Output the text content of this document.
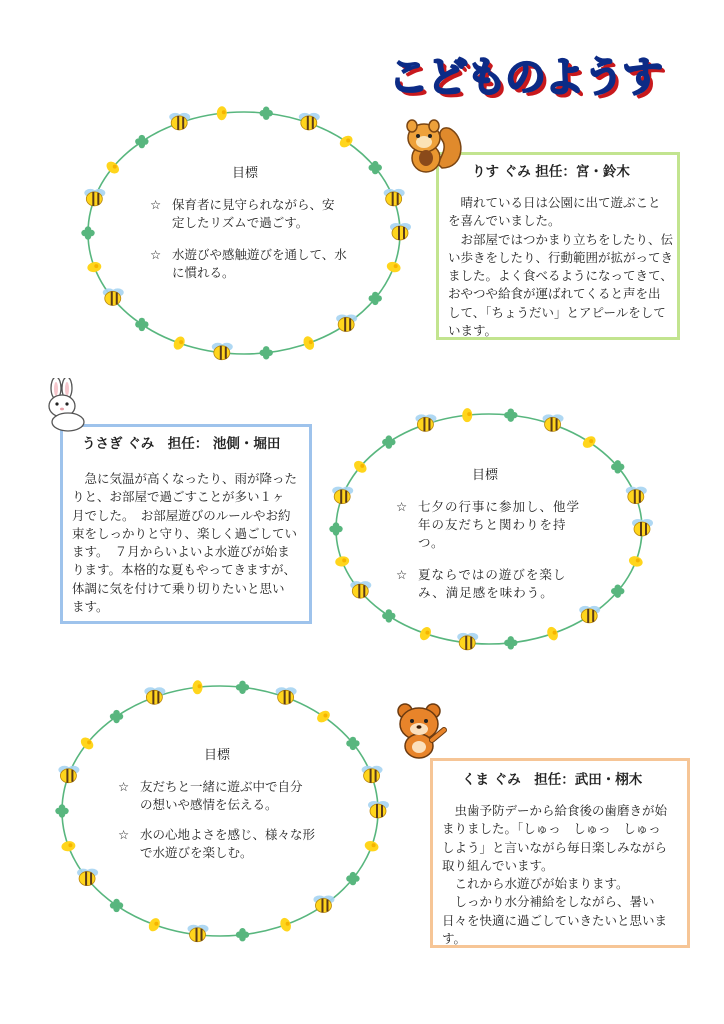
こどものようす
目標
☆ 保育者に見守られながら、安
定したリズムで過ごす。
☆ 水遊びや感触遊びを通して、水
に慣れる。
目標
☆ 七夕の行事に参加し、他学
年の友だちと関わりを持
つ。
☆ 夏ならではの遊びを楽し
み、満足感を味わう。
目標
☆ 友だちと一緒に遊ぶ中で自分
の想いや感情を伝える。
☆ 水の心地よさを感じ、様々な形
で水遊びを楽しむ。
りす ぐみ 担任：宮・鈴木
　晴れている日は公園に出て遊ぶこと
を喜んでいました。
　お部屋ではつかまり立ちをしたり、伝
い歩きをしたり、行動範囲が拡がってき
ました。よく食べるようになってきて、
おやつや給食が運ばれてくると声を出
して、「ちょうだい」とアピールをして
います。
うさぎ ぐみ　担任： 池側・堀田
　急に気温が高くなったり、雨が降った
りと、お部屋で過ごすことが多い１ヶ
月でした。　お部屋遊びのルールやお約
束をしっかりと守り、楽しく過ごしてい
ます。　７月からいよいよ水遊びが始ま
ります。本格的な夏もやってきますが、
体調に気を付けて乗り切りたいと思い
ます。
くま ぐみ　担任：武田・栩木
　虫歯予防デーから給食後の歯磨きが始
まりました。「しゅっ　しゅっ　しゅっ
しよう」と言いながら毎日楽しみながら
取り組んでいます。
　これから水遊びが始まります。
　しっかり水分補給をしながら、暑い
日々を快適に過ごしていきたいと思いま
す。
